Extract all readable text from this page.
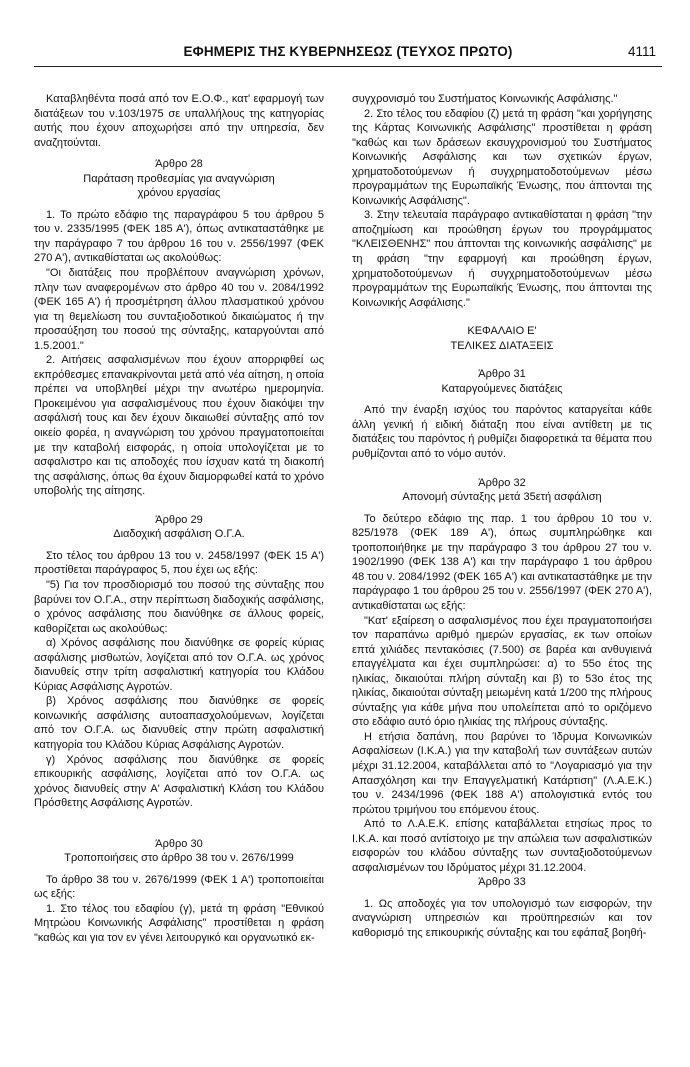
ΕΦΗΜΕΡΙΣ ΤΗΣ ΚΥΒΕΡΝΗΣΕΩΣ (ΤΕΥΧΟΣ ΠΡΩΤΟ)	4111

Καταβληθέντα ποσά από τον Ε.Ο.Φ., κατ' εφαρμογή των διατάξεων του ν.103/1975 σε υπαλλήλους της κατηγορίας αυτής που έχουν αποχωρήσει από την υπηρεσία, δεν αναζητούνται.

Άρθρο 28

Παράταση προθεσμίας για αναγνώριση

χρόνου εργασίας

1. Το πρώτο εδάφιο της παραγράφου 5 του άρθρου 5 του ν. 2335/1995 (ΦΕΚ 185 Α'), όπως αντικαταστάθηκε με την παράγραφο 7 του άρθρου 16 του ν. 2556/1997 (ΦΕΚ 270 Α'), αντικαθίσταται ως ακολούθως:

"Οι διατάξεις που προβλέπουν αναγνώριση χρόνων, πλην των αναφερομένων στο άρθρο 40 του ν. 2084/1992 (ΦΕΚ 165 Α') ή προσμέτρηση άλλου πλασματικού χρόνου για τη θεμελίωση του συνταξιοδοτικού δικαιώματος ή την προσαύξηση του ποσού της σύνταξης, καταργούνται από 1.5.2001."

2. Αιτήσεις ασφαλισμένων που έχουν απορριφθεί ως εκπρόθεσμες επανακρίνονται μετά από νέα αίτηση, η οποία πρέπει να υποβληθεί μέχρι την ανωτέρω ημερομηνία. Προκειμένου για ασφαλισμένους που έχουν διακόψει την ασφάλισή τους και δεν έχουν δικαιωθεί σύνταξης από τον οικείο φορέα, η αναγνώριση του χρόνου πραγματοποιείται με την καταβολή εισφοράς, η οποία υπολογίζεται με το ασφαλιστρο και τις αποδοχές που ίσχυαν κατά τη διακοπή της ασφάλισης, όπως θα έχουν διαμορφωθεί κατά το χρόνο υποβολής της αίτησης.

Άρθρο 29

Διαδοχική ασφάλιση Ο.Γ.Α.

Στο τέλος του άρθρου 13 του ν. 2458/1997 (ΦΕΚ 15 Α') προστίθεται παράγραφος 5, που έχει ως εξής:

"5) Για τον προσδιορισμό του ποσού της σύνταξης που βαρύνει τον Ο.Γ.Α., στην περίπτωση διαδοχικής ασφάλισης, ο χρόνος ασφάλισης που διανύθηκε σε άλλους φορείς, καθορίζεται ως ακολούθως:

α) Χρόνος ασφάλισης που διανύθηκε σε φορείς κύριας ασφάλισης μισθωτών, λογίζεται από τον Ο.Γ.Α. ως χρόνος διανυθείς στην τρίτη ασφαλιστική κατηγορία του Κλάδου Κύριας Ασφάλισης Αγροτών.

β) Χρόνος ασφάλισης που διανύθηκε σε φορείς κοινωνικής ασφάλισης αυτοαπασχολούμενων, λογίζεται από τον Ο.Γ.Α. ως διανυθείς στην πρώτη ασφαλιστική κατηγορία του Κλάδου Κύριας Ασφάλισης Αγροτών.

γ) Χρόνος ασφάλισης που διανύθηκε σε φορείς επικουρικής ασφάλισης, λογίζεται από τον Ο.Γ.Α. ως χρόνος διανυθείς στην Α' Ασφαλιστική Κλάση του Κλάδου Πρόσθετης Ασφάλισης Αγροτών.

Άρθρο 30

Τροποποιήσεις στο άρθρο 38 του ν. 2676/1999

Το άρθρο 38 του ν. 2676/1999 (ΦΕΚ 1 Α') τροποποιείται ως εξής:

1. Στο τέλος του εδαφίου (γ), μετά τη φράση "Εθνικού Μητρώου Κοινωνικής Ασφάλισης" προστίθεται η φράση "καθώς και για τον εν γένει λειτουργικό και οργανωτικό εκ-

συγχρονισμό του Συστήματος Κοινωνικής Ασφάλισης."

2. Στο τέλος του εδαφίου (ζ) μετά τη φράση "και χορήγησης της Κάρτας Κοινωνικής Ασφάλισης" προστίθεται η φράση "καθώς και των δράσεων εκσυγχρονισμού του Συστήματος Κοινωνικής Ασφάλισης και των σχετικών έργων, χρηματοδοτούμενων ή συγχρηματοδοτούμενων μέσω προγραμμάτων της Ευρωπαϊκής Ένωσης, που άπτονται της Κοινωνικής Ασφάλισης".

3. Στην τελευταία παράγραφο αντικαθίσταται η φράση "την αποζημίωση και προώθηση έργων του προγράμματος "ΚΛΕΙΣΘΕΝΗΣ" που άπτονται της κοινωνικής ασφάλισης" με τη φράση "την εφαρμογή και προώθηση έργων, χρηματοδοτούμενων ή συγχρηματοδοτούμενων μέσω προγραμμάτων της Ευρωπαϊκής Ένωσης, που άπτονται της Κοινωνικής Ασφάλισης."

ΚΕΦΑΛΑΙΟ Ε'

ΤΕΛΙΚΕΣ ΔΙΑΤΑΞΕΙΣ

Άρθρο 31

Καταργούμενες διατάξεις

Από την έναρξη ισχύος του παρόντος καταργείται κάθε άλλη γενική ή ειδική διάταξη που είναι αντίθετη με τις διατάξεις του παρόντος ή ρυθμίζει διαφορετικά τα θέματα που ρυθμίζονται από το νόμο αυτόν.

Άρθρο 32

Απονομή σύνταξης μετά 35ετή ασφάλιση

Το δεύτερο εδάφιο της παρ. 1 του άρθρου 10 του ν. 825/1978 (ΦΕΚ 189 Α'), όπως συμπληρώθηκε και τροποποιήθηκε με την παράγραφο 3 του άρθρου 27 του ν. 1902/1990 (ΦΕΚ 138 Α') και την παράγραφο 1 του άρθρου 48 του ν. 2084/1992 (ΦΕΚ 165 Α') και αντικαταστάθηκε με την παράγραφο 1 του άρθρου 25 του ν. 2556/1997 (ΦΕΚ 270 Α'), αντικαθίσταται ως εξής:

"Κατ' εξαίρεση ο ασφαλισμένος που έχει πραγματοποιήσει τον παραπάνω αριθμό ημερών εργασίας, εκ των οποίων επτά χιλιάδες πεντακόσιες (7.500) σε βαρέα και ανθυγιεινά επαγγέλματα και έχει συμπληρώσει: α) το 55ο έτος της ηλικίας, δικαιούται πλήρη σύνταξη και β) το 53ο έτος της ηλικίας, δικαιούται σύνταξη μειωμένη κατά 1/200 της πλήρους σύνταξης για κάθε μήνα που υπολείπεται από το οριζόμενο στο εδάφιο αυτό όριο ηλικίας της πλήρους σύνταξης.

Η ετήσια δαπάνη, που βαρύνει το Ίδρυμα Κοινωνικών Ασφαλίσεων (Ι.Κ.Α.) για την καταβολή των συντάξεων αυτών μέχρι 31.12.2004, καταβάλλεται από το "Λογαριασμό για την Απασχόληση και την Επαγγελματική Κατάρτιση" (Λ.Α.Ε.Κ.) του ν. 2434/1996 (ΦΕΚ 188 Α') απολογιστικά εντός του πρώτου τριμήνου του επόμενου έτους.

Από το Λ.Α.Ε.Κ. επίσης καταβάλλεται ετησίως προς το Ι.Κ.Α. και ποσό αντίστοιχο με την απώλεια των ασφαλιστικών εισφορών του κλάδου σύνταξης των συνταξιοδοτούμενων ασφαλισμένων του Ιδρύματος μέχρι 31.12.2004.

Άρθρο 33

1. Ως αποδοχές για τον υπολογισμό των εισφορών, την αναγνώριση υπηρεσιών και προϋπηρεσιών και τον καθορισμό της επικουρικής σύνταξης και του εφάπαξ βοηθή-
